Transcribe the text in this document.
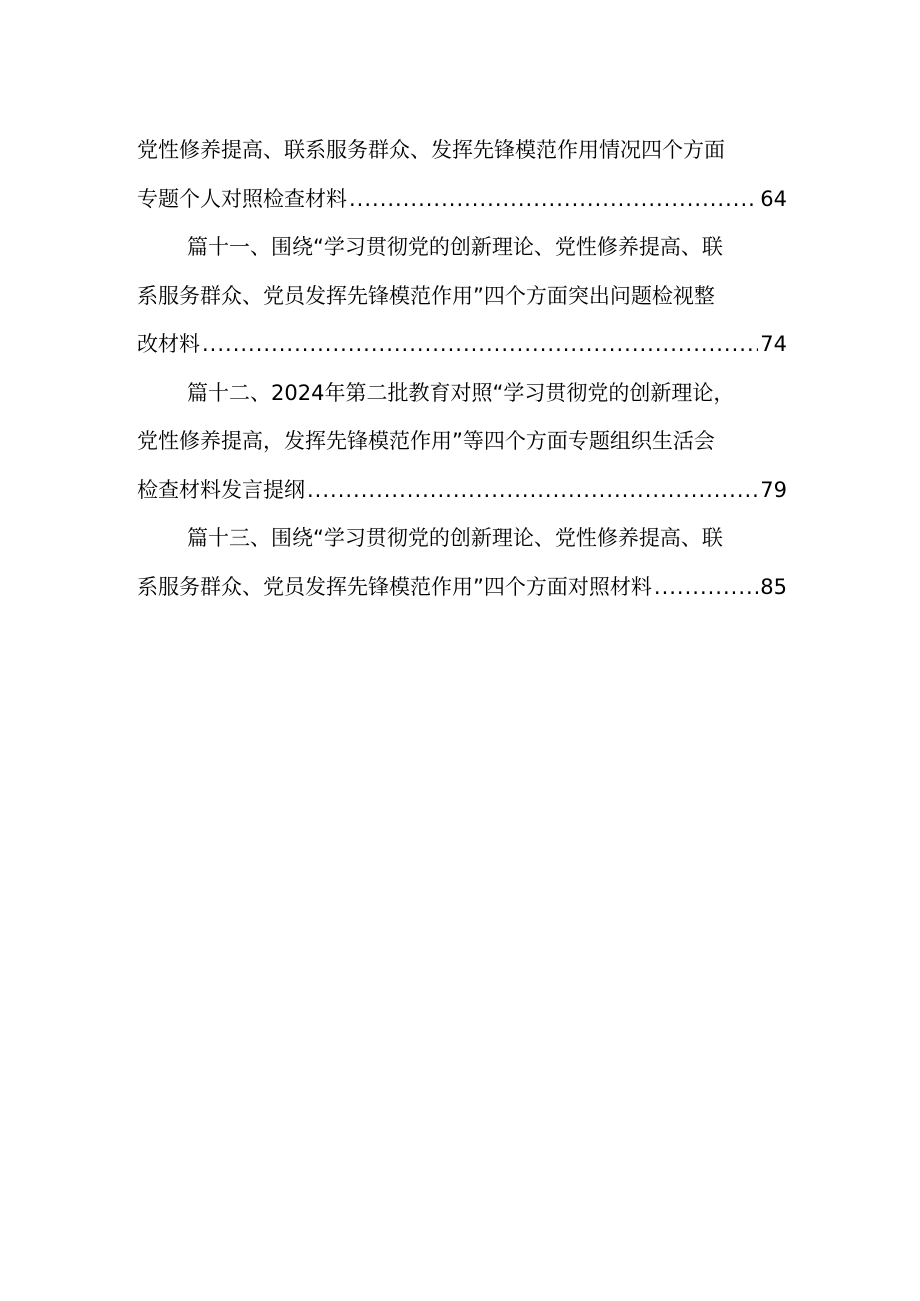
党性修养提高、联系服务群众、发挥先锋模范作用情况四个方面
专题个人对照检查材料 .....	64
篇十一、围绕“学习贯彻党的创新理论、党性修养提高、联
系服务群众、党员发挥先锋模范作用”四个方面突出问题检视整
改材料 .....	74
篇十二、2024年第二批教育对照“学习贯彻党的创新理论，
党性修养提高，发挥先锋模范作用”等四个方面专题组织生活会
检查材料发言提纲 .....	79
篇十三、围绕“学习贯彻党的创新理论、党性修养提高、联
系服务群众、党员发挥先锋模范作用”四个方面对照材料 .....	85
